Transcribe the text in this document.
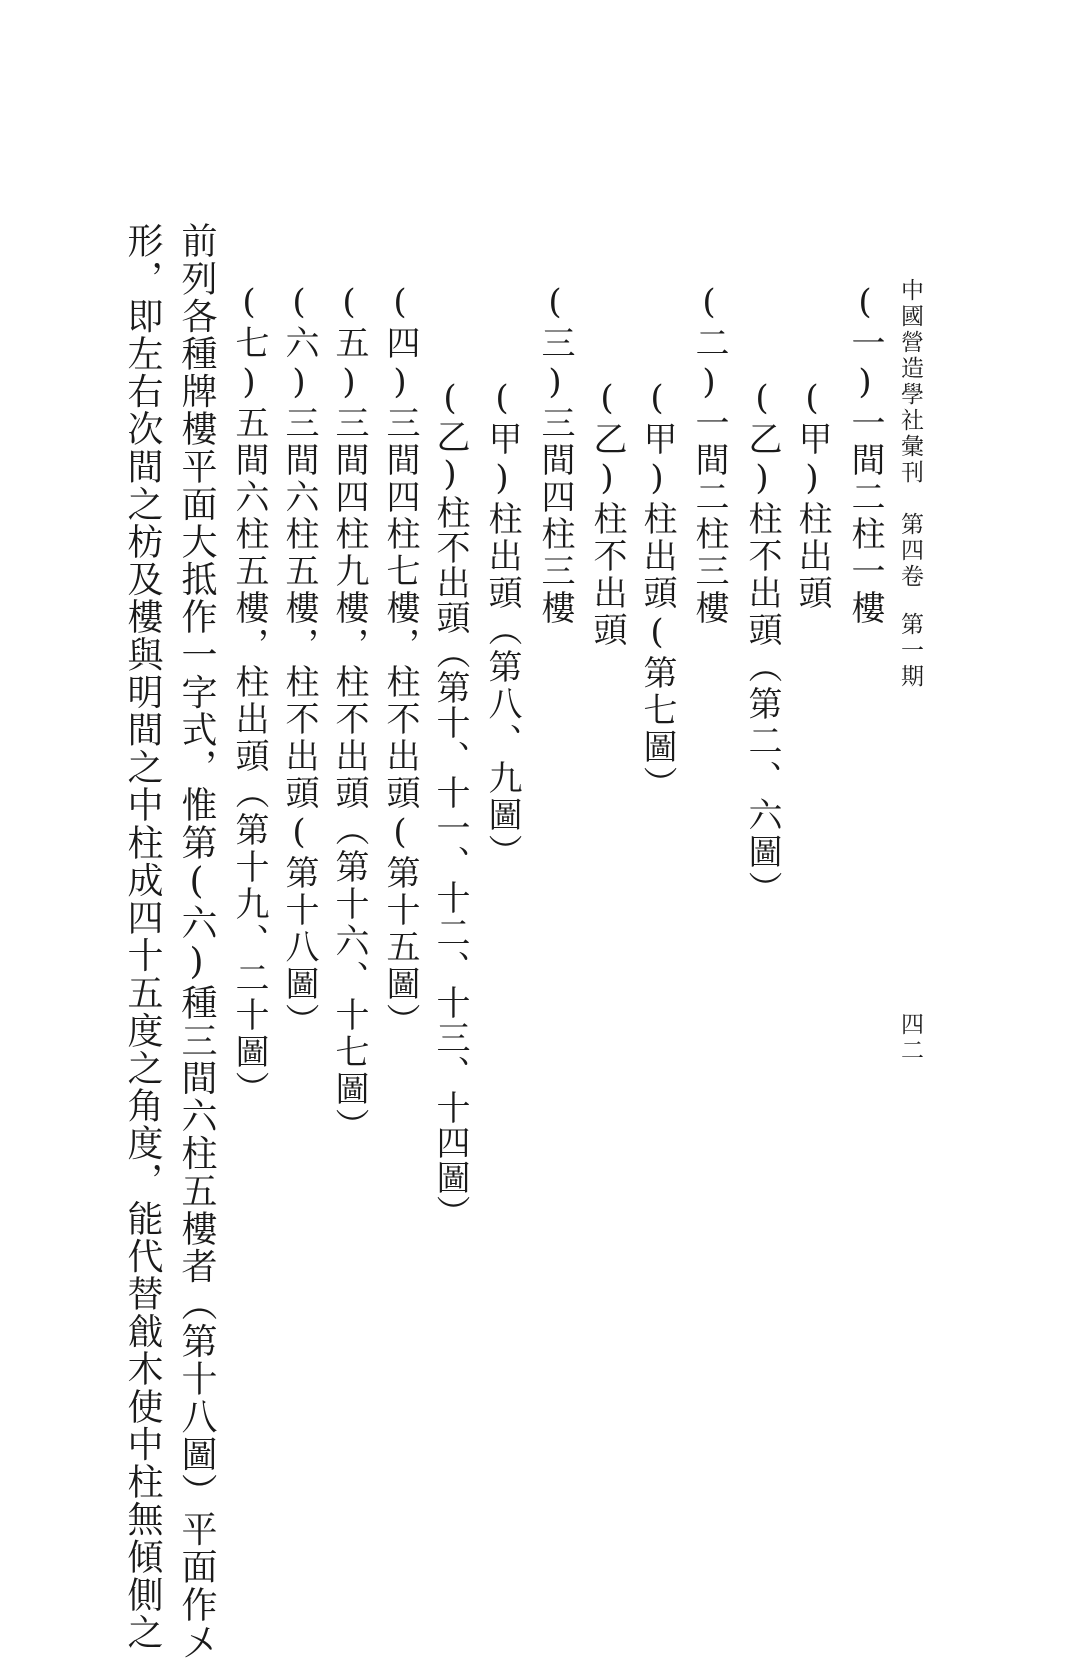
中國營造學社彙刊第四卷第一期
四二
(一)一間二柱一樓
(甲)柱出頭
(乙)柱不出頭（第二、六圖）
(二)一間二柱三樓
(甲)柱出頭(第七圖）
(乙)柱不出頭
(三)三間四柱三樓
(甲)柱出頭（第八、九圖）
(乙)柱不出頭（第十、十一、十二、十三、十四圖）
(四)三間四柱七樓，柱不出頭(第十五圖）
(五)三間四柱九樓，柱不出頭（第十六、十七圖）
(六)三間六柱五樓，柱不出頭(第十八圖）
(七)五間六柱五樓，柱出頭（第十九、二十圖）
前列各種牌樓平面大抵作一字式，惟第(六)種三間六柱五樓者（第十八圖）平面作〤
形，即左右次間之枋及樓與明間之中柱成四十五度之角度，能代替戧木使中柱無傾側之
